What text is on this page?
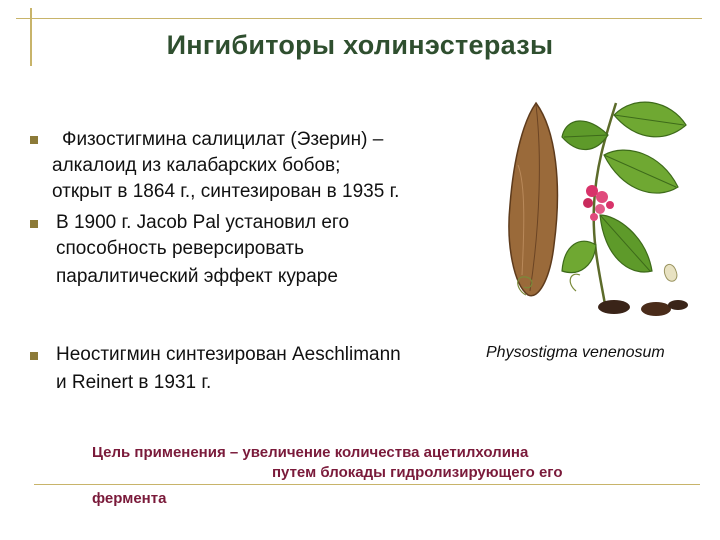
Ингибиторы холинэстеразы
Физостигмина салицилат (Эзерин) –
алкалоид из калабарских бобов;
открыт в 1864 г., синтезирован в 1935 г.
В 1900 г. Jacob Pal установил его
способность реверсировать
паралитический эффект кураре
Неостигмин синтезирован Aeschlimann
и Reinert в 1931 г.
Physostigma venenosum
Цель применения – увеличение количества ацетилхолина
путем блокады гидролизирующего его
фермента
